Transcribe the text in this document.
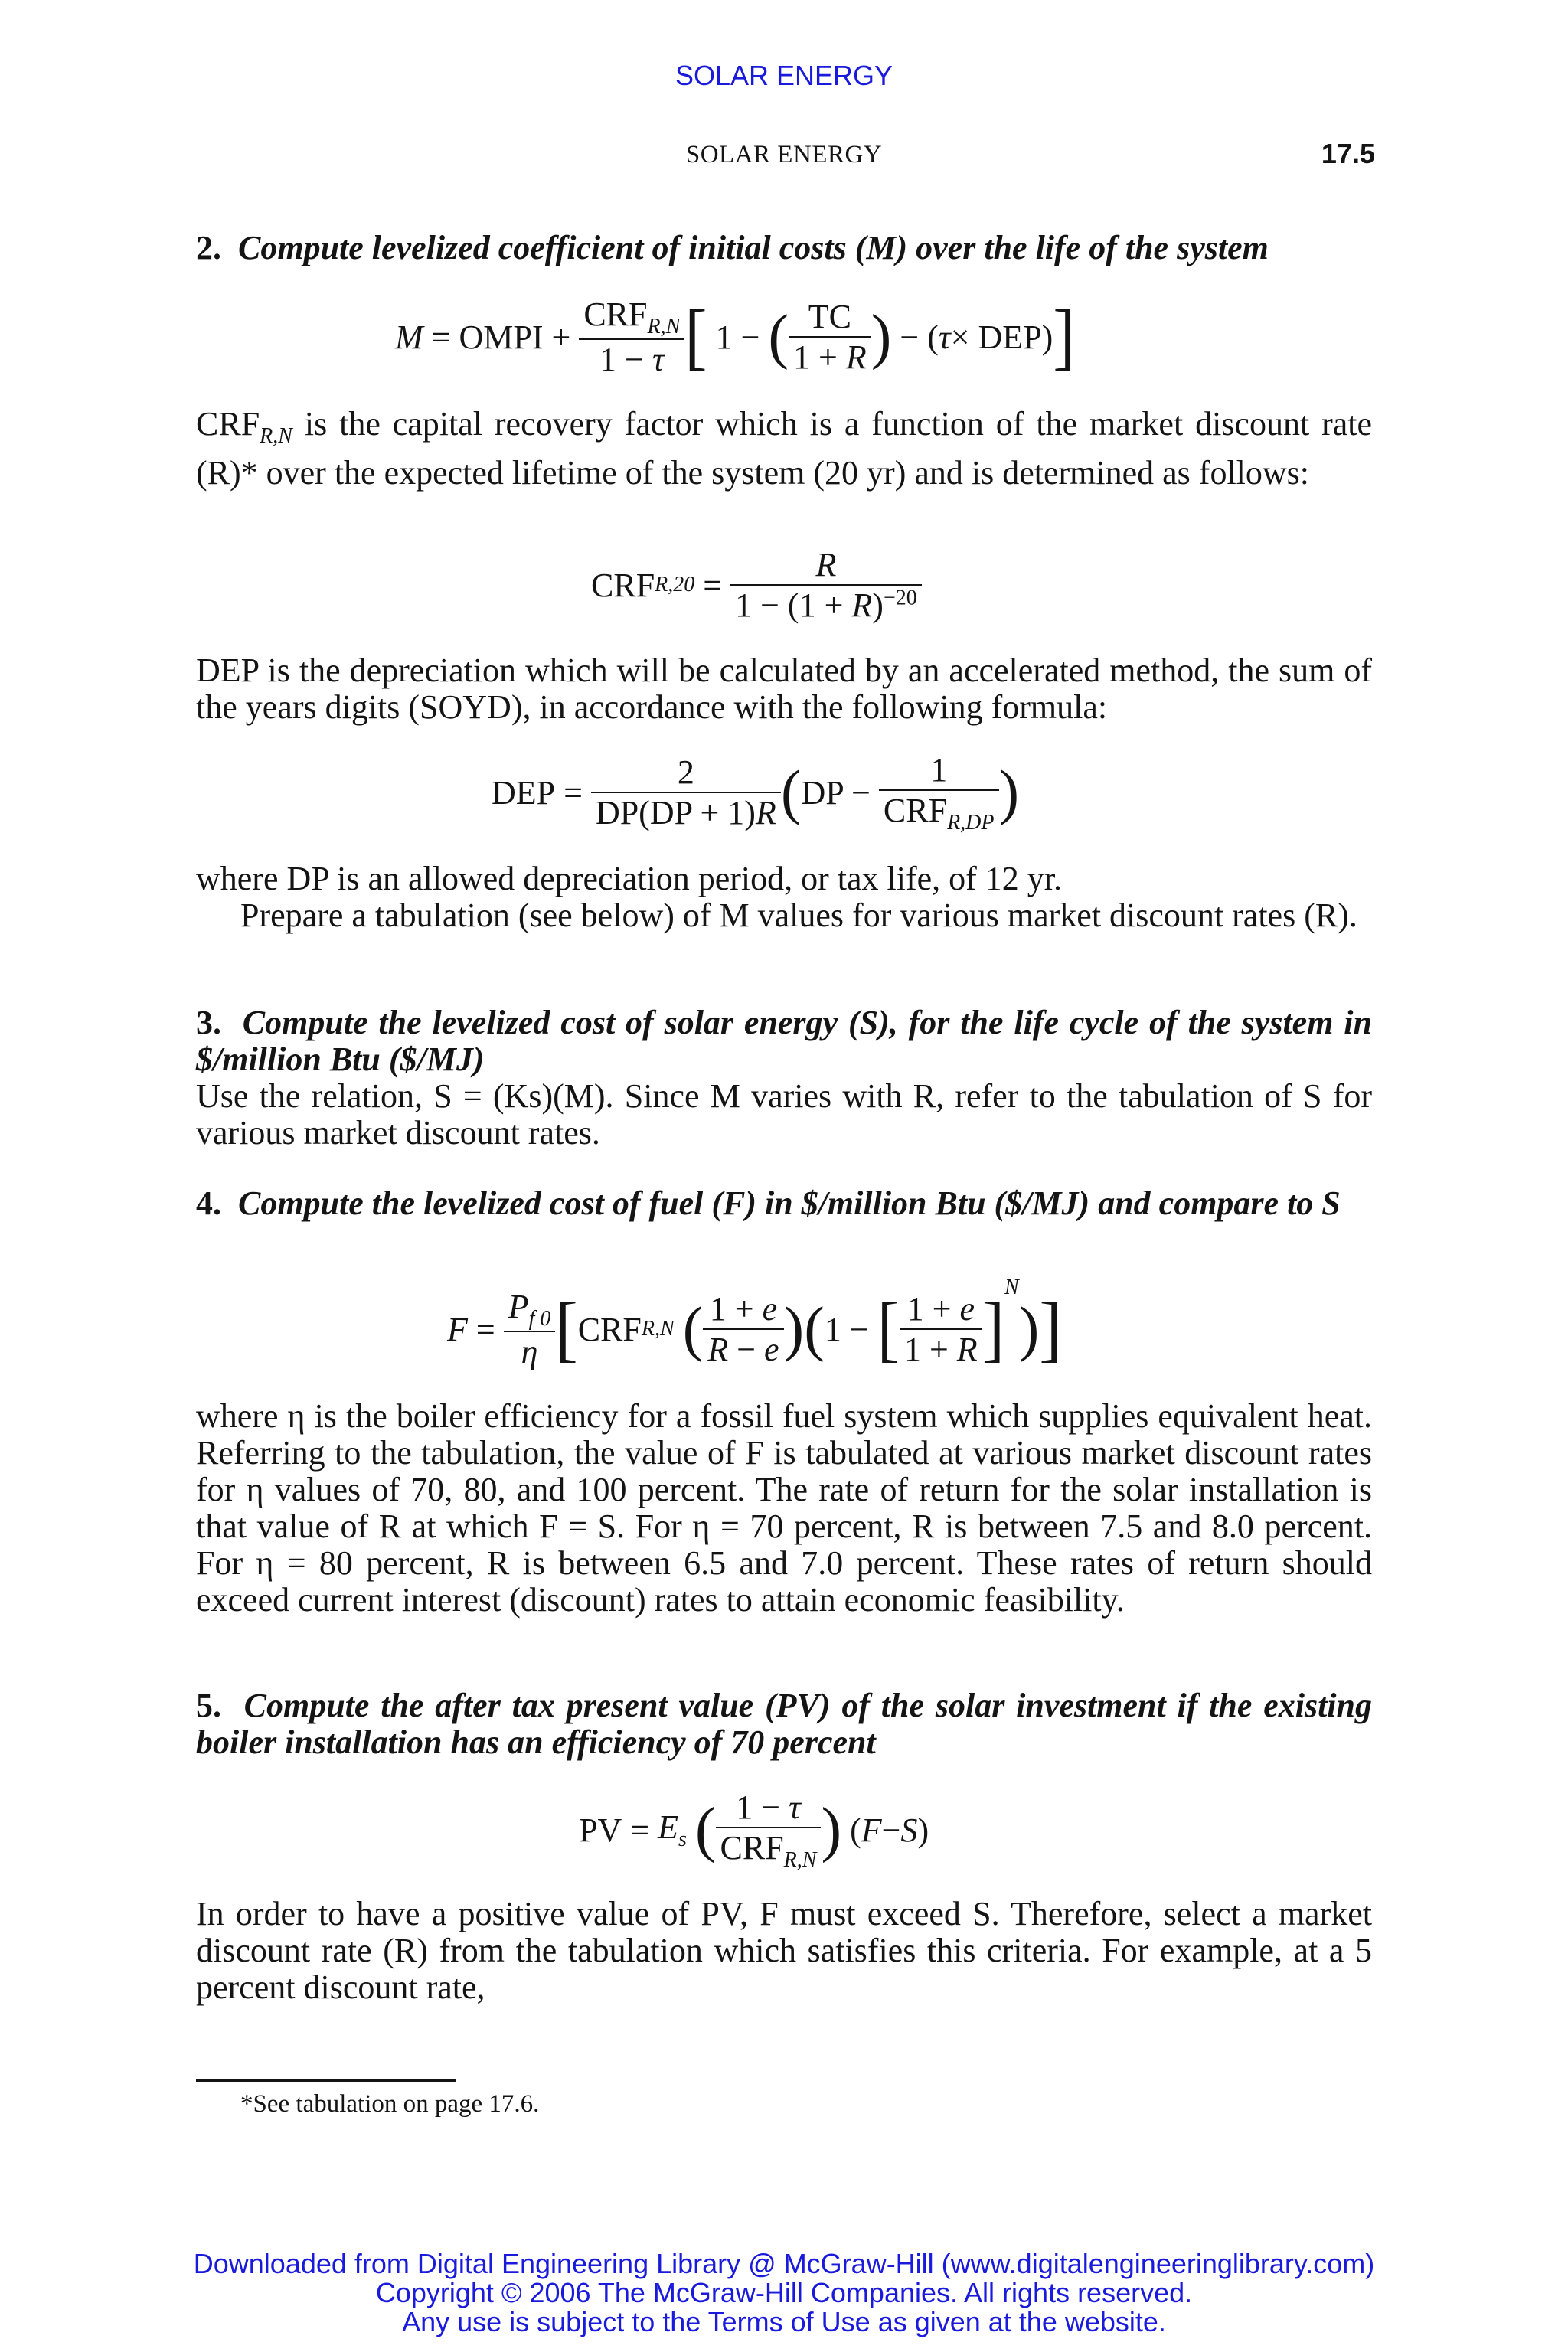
SOLAR ENERGY
SOLAR ENERGY	17.5
2. Compute levelized coefficient of initial costs (M) over the life of the system
M = OMPI + $\frac{CRF_{R,N}}{1 - \tau}$ [ 1 − ( $\frac{TC}{1 + R}$ ) − ( τ × DEP) ]

$CRF_{R,N}$ is the capital recovery factor which is a function of the market discount rate (R)* over the expected lifetime of the system (20 yr) and is determined as follows:

CRF $R,20 = \frac{R}{1 - (1 + R)^{-20}}$

DEP is the depreciation which will be calculated by an accelerated method, the sum of the years digits (SOYD), in accordance with the following formula:

DEP = $\frac{2}{DP(DP + 1)R}$ ( DP − $\frac{1}{CRF_{R,DP}}$ )

where DP is an allowed depreciation period, or tax life, of 12 yr.

Prepare a tabulation (see below) of M values for various market discount rates (R).

3. Compute the levelized cost of solar energy (S), for the life cycle of the system in $/million Btu ($/MJ)

Use the relation, S = (Ks)(M). Since M varies with R, refer to the tabulation of S for various market discount rates.

4. Compute the levelized cost of fuel (F) in $/million Btu ($/MJ) and compare to S
$F = \frac{P_{f 0}}{\eta}$ [ CRF R,N
( $\frac{1 + e}{R - e}$ ) ( 1 − [ $\frac{1 + e}{1 + R}$ ]
$^N$
) ]

where η is the boiler efficiency for a fossil fuel system which supplies equivalent heat. Referring to the tabulation, the value of F is tabulated at various market discount rates for η values of 70, 80, and 100 percent. The rate of return for the solar installation is that value of R at which F = S. For η = 70 percent, R is between 7.5 and 8.0 percent. For η = 80 percent, R is between 6.5 and 7.0 percent. These rates of return should exceed current interest (discount) rates to attain economic feasibility.

5. Compute the after tax present value (PV) of the solar investment if the existing boiler installation has an efficiency of 70 percent
PV = $E_s$
( $\frac{1 - \tau}{CRF_{R,N}}$ ) ( F − S )

In order to have a positive value of PV, F must exceed S. Therefore, select a market discount rate (R) from the tabulation which satisfies this criteria. For example, at a 5 percent discount rate,

*See tabulation on page 17.6.
Downloaded from Digital Engineering Library @ McGraw-Hill (www.digitalengineeringlibrary.com)
Copyright © 2006 The McGraw-Hill Companies. All rights reserved.
Any use is subject to the Terms of Use as given at the website.
